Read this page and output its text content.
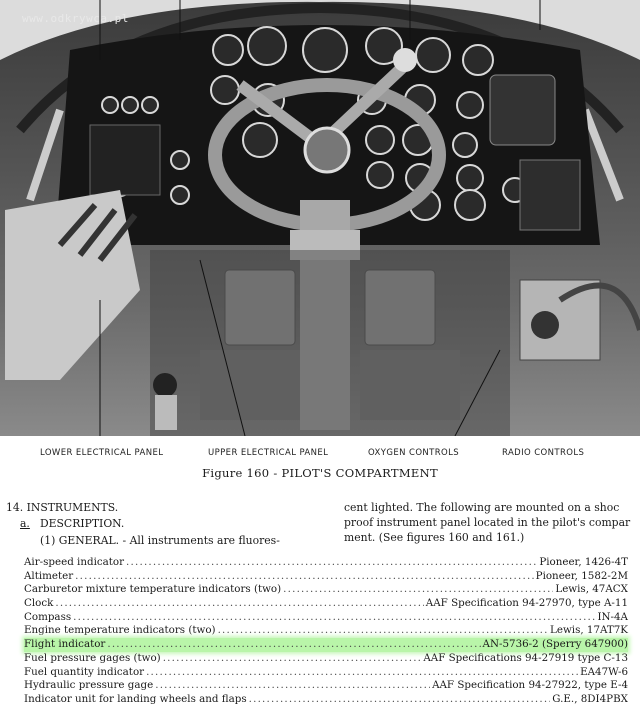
www.odkrywca.pl
LOWER ELECTRICAL PANEL	UPPER ELECTRICAL PANEL	OXYGEN CONTROLS	RADIO CONTROLS
Figure 160 - PILOT'S COMPARTMENT
14. INSTRUMENTS.
a. DESCRIPTION.
(1) GENERAL. - All instruments are fluores-
cent lighted. The following are mounted on a shoc
proof instrument panel located in the pilot's compar
ment. (See figures 160 and 161.)
Air-speed indicator .....	Pioneer, 1426-4T
Altimeter .....	Pioneer, 1582-2M
Carburetor mixture temperature indicators (two) .....	Lewis, 47ACX
Clock .....	AAF Specification 94-27970, type A-11
Compass .....	IN-4A
Engine temperature indicators (two) .....	Lewis, 17AT7K
Flight indicator .....	AN-5736-2 (Sperry 647900)
Fuel pressure gages (two) .....	AAF Specifications 94-27919 type C-13
Fuel quantity indicator .....	EA47W-6
Hydraulic pressure gage .....	AAF Specification 94-27922, type E-4
Indicator unit for landing wheels and flaps .....	G.E., 8DI4PBX
